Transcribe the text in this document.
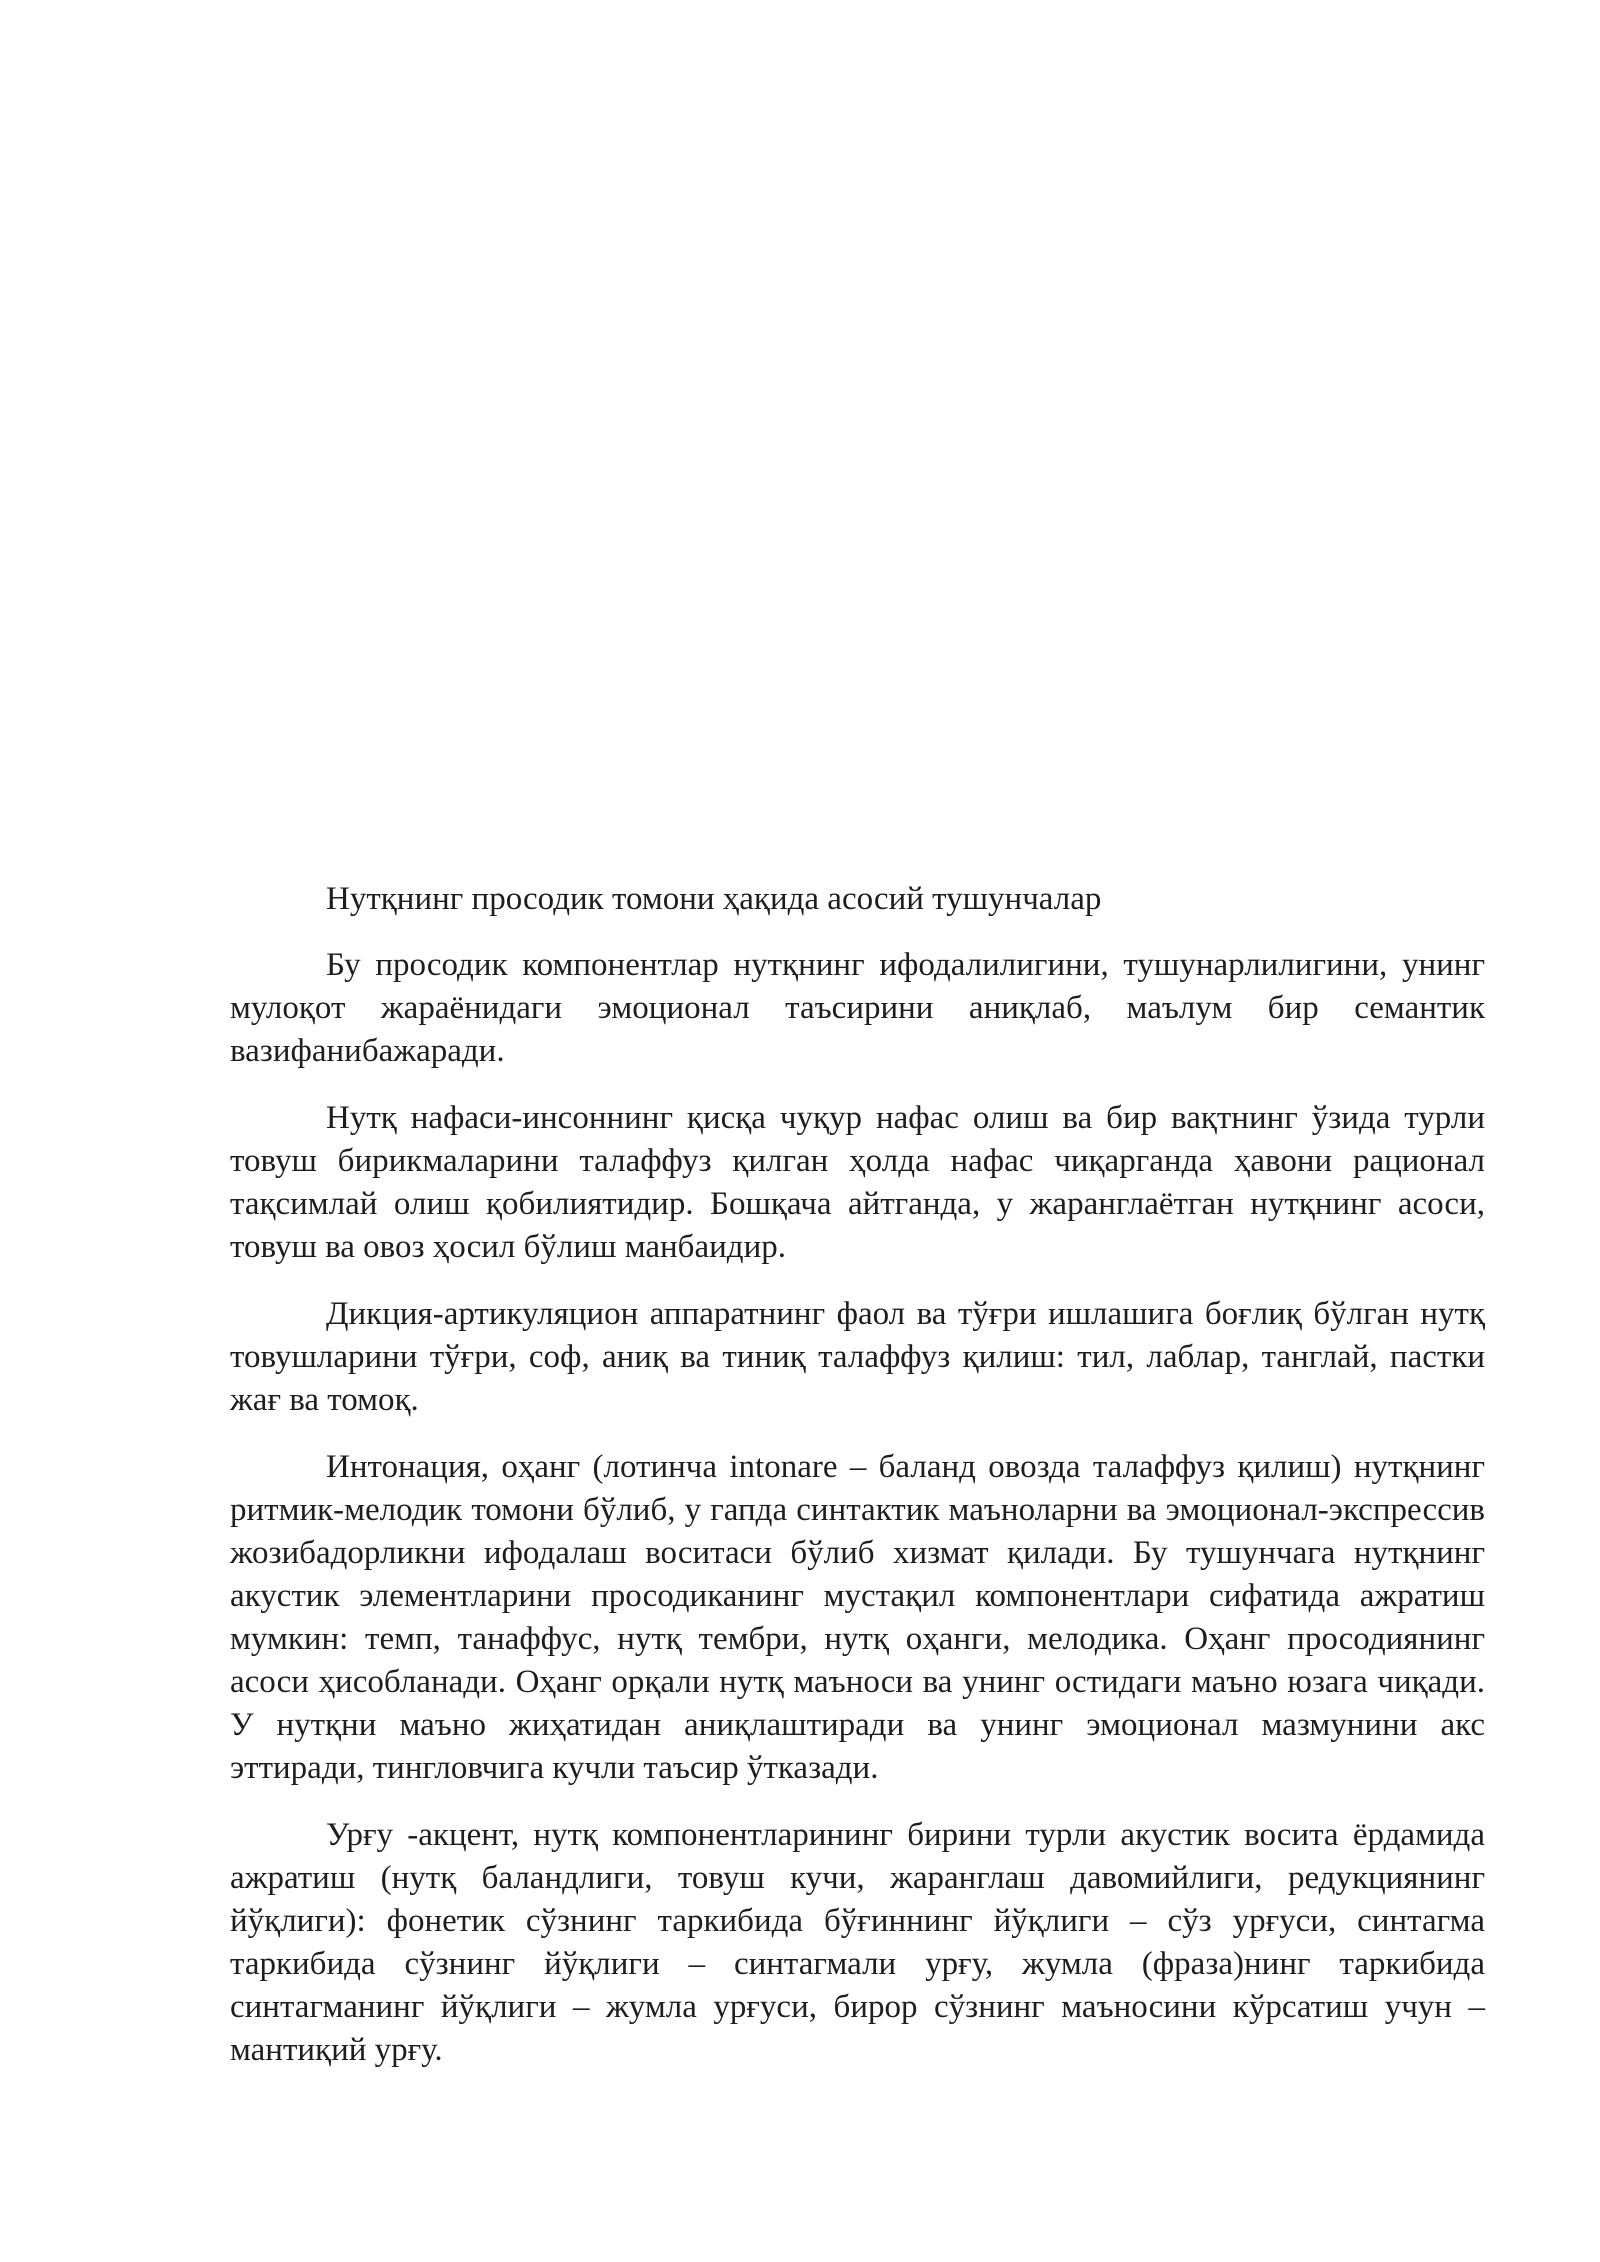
Нутқнинг просодик томони ҳақида асосий тушунчалар

Бу просодик компонентлар нутқнинг ифодалилигини, тушунарлилигини, унинг мулоқот жараёнидаги эмоционал таъсирини аниқлаб, маълум бир семантик вазифанибажаради.

Нутқ нафаси-инсоннинг қисқа чуқур нафас олиш ва бир вақтнинг ўзида турли товуш бирикмаларини талаффуз қилган ҳолда нафас чиқарганда ҳавони рационал тақсимлай олиш қобилиятидир. Бошқача айтганда, у жаранглаётган нутқнинг асоси, товуш ва овоз ҳосил бўлиш манбаидир.

Дикция-артикуляцион аппаратнинг фаол ва тўғри ишлашига боғлиқ бўлган нутқ товушларини тўғри, соф, аниқ ва тиниқ талаффуз қилиш: тил, лаблар, танглай, пастки жағ ва томоқ.

Интонация, оҳанг (лотинча intonare – баланд овозда талаффуз қилиш) нутқнинг ритмик-мелодик томони бўлиб, у гапда синтактик маъноларни ва эмоционал-экспрессив жозибадорликни ифодалаш воситаси бўлиб хизмат қилади. Бу тушунчага нутқнинг акустик элементларини просодиканинг мустақил компонентлари сифатида ажратиш мумкин: темп, танаффус, нутқ тембри, нутқ оҳанги, мелодика. Оҳанг просодиянинг асоси ҳисобланади. Оҳанг орқали нутқ маъноси ва унинг остидаги маъно юзага чиқади. У нутқни маъно жиҳатидан аниқлаштиради ва унинг эмоционал мазмунини акс эттиради, тингловчига кучли таъсир ўтказади.

Урғу -акцент, нутқ компонентларининг бирини турли акустик восита ёрдамида ажратиш (нутқ баландлиги, товуш кучи, жаранглаш давомийлиги, редукциянинг йўқлиги): фонетик сўзнинг таркибида бўғиннинг йўқлиги – сўз урғуси, синтагма таркибида сўзнинг йўқлиги – синтагмали урғу, жумла (фраза)нинг таркибида синтагманинг йўқлиги – жумла урғуси, бирор сўзнинг маъносини кўрсатиш учун – мантиқий урғу.
